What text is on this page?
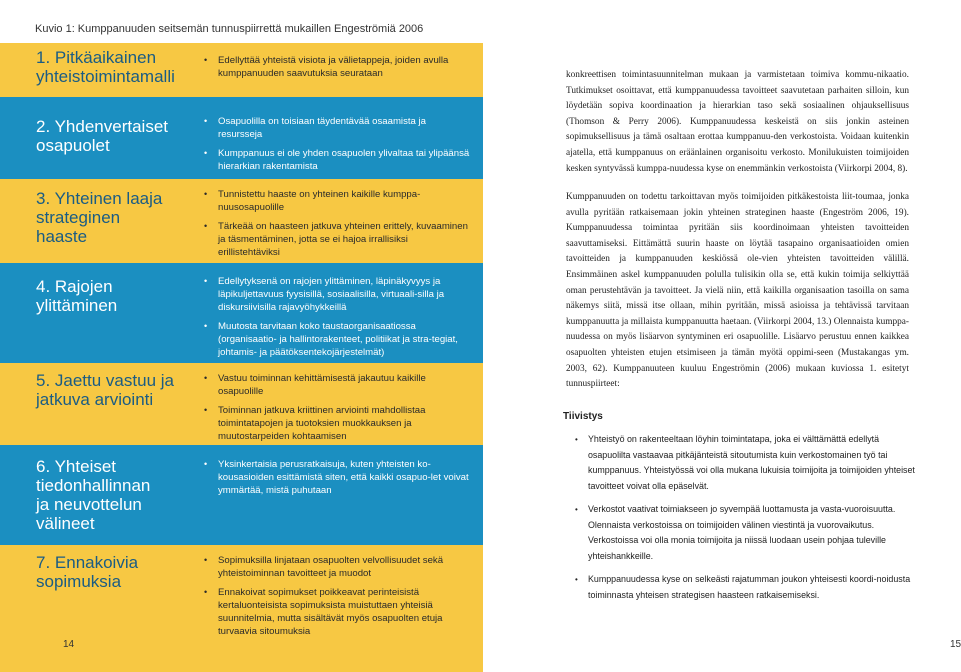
Kuvio 1: Kumppanuuden seitsemän tunnuspiirrettä mukaillen Engeströmiä 2006
1. Pitkäaikainen
yhteistoimintamalli
• Edellyttää yhteistä visiota ja välietappeja, joiden avulla kumppanuuden saavutuksia seurataan
2. Yhdenvertaiset
osapuolet
• Osapuolilla on toisiaan täydentävää osaamista ja resursseja
• Kumppanuus ei ole yhden osapuolen ylivaltaa tai ylipäänsä hierarkian rakentamista
3. Yhteinen laaja
strateginen
haaste
• Tunnistettu haaste on yhteinen kaikille kumppa-nuusosapuolille
• Tärkeää on haasteen jatkuva yhteinen erittely, kuvaaminen ja täsmentäminen, jotta se ei hajoa irrallisiksi erillistehtäviksi
4. Rajojen
ylittäminen
• Edellytyksenä on rajojen ylittäminen, läpinäkyvyys ja läpikuljettavuus fyysisillä, sosiaalisilla, virtuaali-silla ja diskursiivisilla rajavyöhykkeillä
• Muutosta tarvitaan koko taustaorganisaatiossa (organisaatio- ja hallintorakenteet, politiikat ja stra-tegiat, johtamis- ja päätöksentekojärjestelmät)
5. Jaettu vastuu ja
jatkuva arviointi
• Vastuu toiminnan kehittämisestä jakautuu kaikille osapuolille
• Toiminnan jatkuva kriittinen arviointi mahdollistaa toimintatapojen ja tuotoksien muokkauksen ja muutostarpeiden kohtaamisen
6. Yhteiset
tiedonhallinnan
ja neuvottelun
välineet
• Yksinkertaisia perusratkaisuja, kuten yhteisten ko-kousasioiden esittämistä siten, että kaikki osapuo-let voivat ymmärtää, mistä puhutaan
7. Ennakoivia
sopimuksia
• Sopimuksilla linjataan osapuolten velvollisuudet sekä yhteistoiminnan tavoitteet ja muodot
• Ennakoivat sopimukset poikkeavat perinteisistä kertaluonteisista sopimuksista muistuttaen yhteisiä suunnitelmia, mutta sisältävät myös osapuolten etuja turvaavia sitoumuksia
14
konkreettisen toimintasuunnitelman mukaan ja varmistetaan toimiva kommu-nikaatio. Tutkimukset osoittavat, että kumppanuudessa tavoitteet saavutetaan parhaiten silloin, kun löydetään sopiva koordinaation ja hierarkian taso sekä sosiaalinen ohjauksellisuus (Thomson & Perry 2006). Kumppanuudessa keskeistä on siis jonkin asteinen sopimuksellisuus ja tämä osaltaan erottaa kumppanuu-den verkostoista. Voidaan kuitenkin ajatella, että kumppanuus on eräänlainen organisoitu verkosto. Monilukuisten toimijoiden kesken syntyvässä kumppa-nuudessa kyse on enemmänkin verkostoista (Viirkorpi 2004, 8).
Kumppanuuden on todettu tarkoittavan myös toimijoiden pitkäkestoista liit-toumaa, jonka avulla pyritään ratkaisemaan jokin yhteinen strateginen haaste (Engeström 2006, 19). Kumppanuudessa toimintaa pyritään siis koordinoimaan yhteisten tavoitteiden saavuttamiseksi. Eittämättä suurin haaste on löytää tasapaino organisaatioiden omien tavoitteiden ja kumppanuuden keskiössä ole-vien yhteisten tavoitteiden välillä. Ensimmäinen askel kumppanuuden polulla tulisikin olla se, että kukin toimija selkiyttää oman perustehtävän ja tavoitteet. Ja vielä niin, että kaikilla organisaation tasoilla on sama näkemys siitä, missä itse ollaan, mihin pyritään, missä asioissa ja tehtävissä tarvitaan kumppanuutta ja millaista kumppanuutta haetaan. (Viirkorpi 2004, 13.) Olennaista kumppa-nuudessa on myös lisäarvon syntyminen eri osapuolille. Lisäarvo perustuu ennen kaikkea osapuolten yhteisten etujen etsimiseen ja tämän myötä oppimi-seen (Mustakangas ym. 2003, 62). Kumppanuuteen kuuluu Engeströmin (2006) mukaan kuviossa 1. esitetyt tunnuspiirteet:
Tiivistys
• Yhteistyö on rakenteeltaan löyhin toimintatapa, joka ei välttämättä edellytä osapuolilta vastaavaa pitkäjänteistä sitoutumista kuin verkostomainen työ tai kumppanuus. Yhteistyössä voi olla mukana lukuisia toimijoita ja toimijoiden yhteiset tavoitteet voivat olla epäselvät.
• Verkostot vaativat toimiakseen jo syvempää luottamusta ja vasta-vuoroisuutta. Olennaista verkostoissa on toimijoiden välinen viestintä ja vuorovaikutus. Verkostoissa voi olla monia toimijoita ja niissä luodaan usein pohjaa tuleville yhteishankkeille.
• Kumppanuudessa kyse on selkeästi rajatumman joukon yhteisesti koordi-noidusta toiminnasta yhteisen strategisen haasteen ratkaisemiseksi.
15
